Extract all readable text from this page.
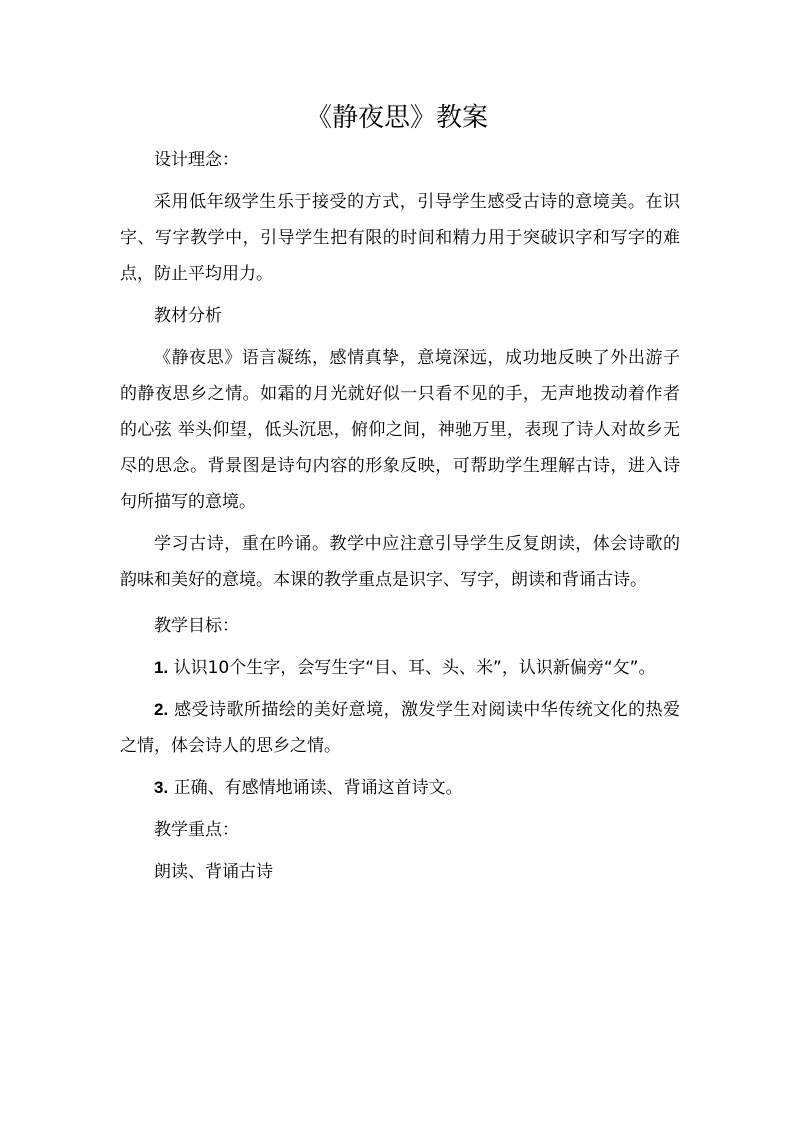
《静夜思》教案

设计理念：

采用低年级学生乐于接受的方式，引导学生感受古诗的意境美。在识字、写字教学中，引导学生把有限的时间和精力用于突破识字和写字的难点，防止平均用力。

教材分析

《静夜思》语言凝练，感情真挚，意境深远，成功地反映了外出游子的静夜思乡之情。如霜的月光就好似一只看不见的手，无声地拨动着作者的心弦 举头仰望，低头沉思，俯仰之间，神驰万里，表现了诗人对故乡无尽的思念。背景图是诗句内容的形象反映，可帮助学生理解古诗，进入诗句所描写的意境。

学习古诗，重在吟诵。教学中应注意引导学生反复朗读，体会诗歌的韵味和美好的意境。本课的教学重点是识字、写字，朗读和背诵古诗。

教学目标：

1. 认识10个生字，会写生字“目、耳、头、米”，认识新偏旁“攵”。

2. 感受诗歌所描绘的美好意境，激发学生对阅读中华传统文化的热爱之情，体会诗人的思乡之情。

3. 正确、有感情地诵读、背诵这首诗文。

教学重点：

朗读、背诵古诗
